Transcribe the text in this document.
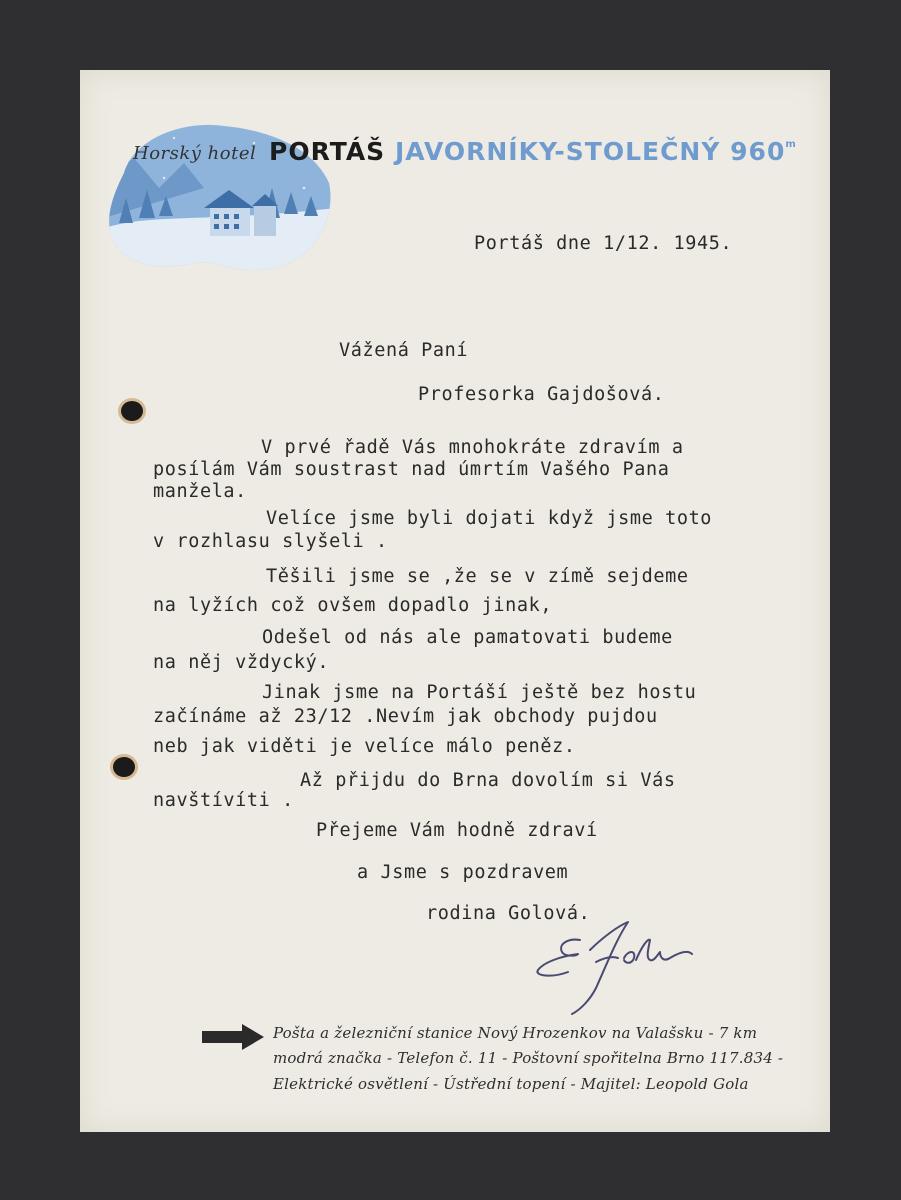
Horský hotel PORTÁŠ JAVORNÍKY-STOLEČNÝ 960$^m$
Portáš dne 1/12. 1945.
Vážená Paní
Profesorka Gajdošová.
V prvé řadě Vás mnohokráte zdravím a
posílám Vám soustrast nad úmrtím Vašého Pana
manžela.
Velíce jsme byli dojati když jsme toto
v rozhlasu slyšeli .
Těšili jsme se ,že se v zímě sejdeme
na lyžích což ovšem dopadlo jinak,
Odešel od nás ale pamatovati budeme
na něj vždycký.
Jinak jsme na Portáší ještě bez hostu
začínáme až 23/12 .Nevím jak obchody pujdou
neb jak viděti je velíce málo peněz.
Až přijdu do Brna dovolím si Vás
navštívíti .
Přejeme Vám hodně zdraví
a Jsme s pozdravem
rodina Golová.
Pošta a železniční stanice Nový Hrozenkov na Valašsku - 7 km
modrá značka - Telefon č. 11 - Poštovní spořitelna Brno 117.834 -
Elektrické osvětlení - Ústřední topení - Majitel: Leopold Gola
